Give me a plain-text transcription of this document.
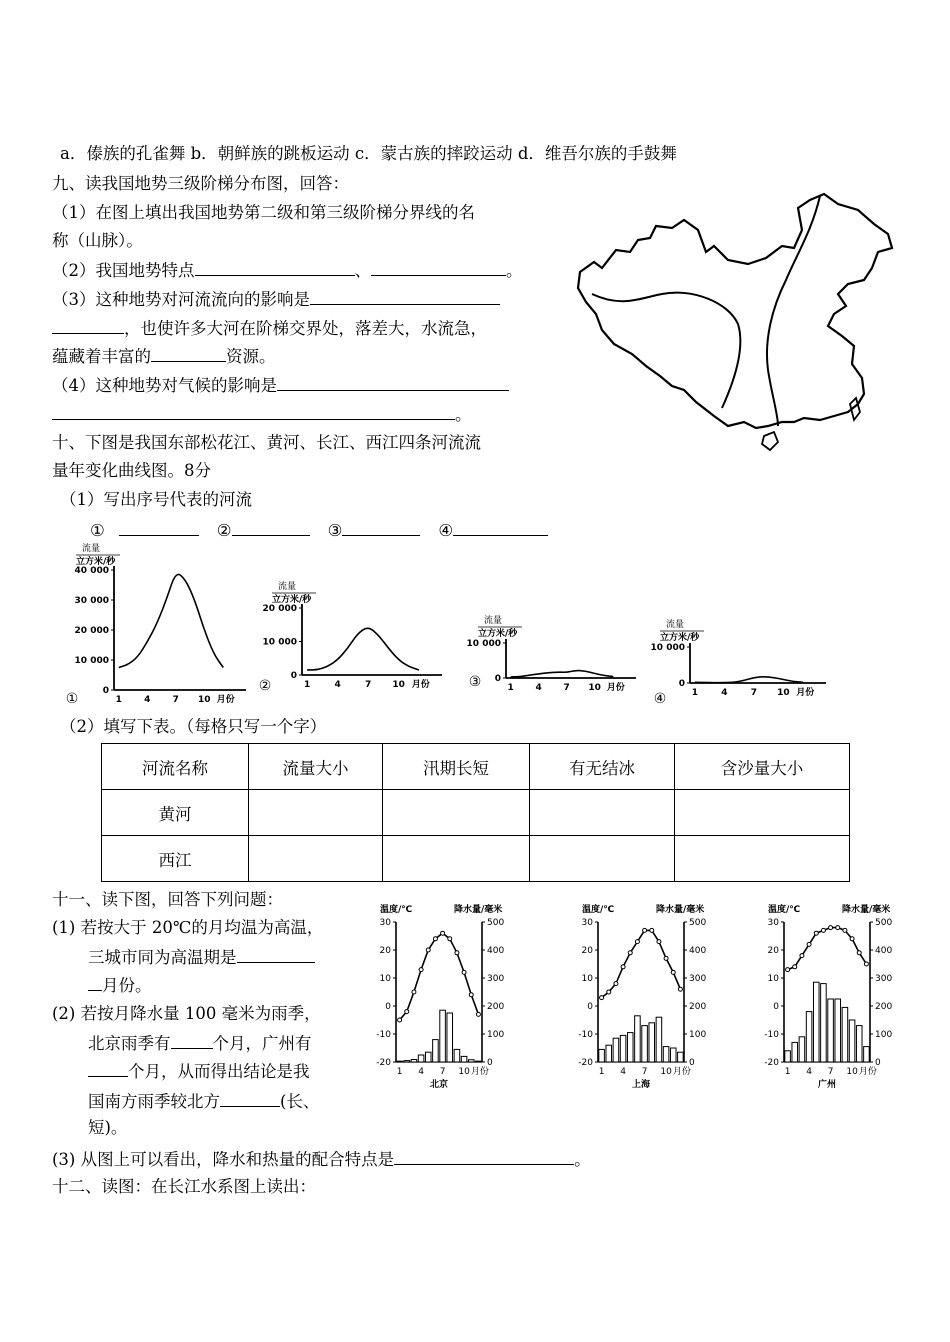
a．傣族的孔雀舞 b．朝鲜族的跳板运动 c．蒙古族的摔跤运动 d．维吾尔族的手鼓舞
九、读我国地势三级阶梯分布图，回答：
（1）在图上填出我国地势第二级和第三级阶梯分界线的名
称（山脉）。
（2）我国地势特点	、	。
（3）这种地势对河流流向的影响是
，也使许多大河在阶梯交界处，落差大，水流急，
蕴藏着丰富的	资源。
（4）这种地势对气候的影响是
。
十、下图是我国东部松花江、黄河、长江、西江四条河流流
量年变化曲线图。8分
（1）写出序号代表的河流
①	②	③	④
流量
立方米/秒
40 000
30 000
20 000
10 000
0
1 4 7 10 月份
①
流量
立方米/秒
20 000
10 000
0
1	4	7 10 月份
②
流量
立方米/秒
10 000
0
1 4 7 10 月份
③
流量
立方米/秒
10 000
0
1	4	7 10 月份
④
（2）填写下表。（每格只写一个字）
河流名称	流量大小	汛期长短	有无结冰	含沙量大小
黄河				
西江				
十一、读下图，回答下列问题：
(1) 若按大于 20℃的月均温为高温，
三城市同为高温期是
月份。
(2) 若按月降水量 100 毫米为雨季，
北京雨季有	个月，广州有
个月，从而得出结论是我
国南方雨季较北方	(长、
短)。
(3) 从图上可以看出，降水和热量的配合特点是	。
温度/℃	降水量/毫米
30
20
10
0
-10
-20
500
400
300
200
100
0
1 4 7 10 月份
北京
温度/℃	降水量/毫米
30
20
10
0
-10
-20
500
400
300
200
100
0
1 4 7 10 月份
上海
温度/℃	降水量/毫米
30
20
10
0
-10
-20
500
400
300
200
100
0
1 4 7 10 月份
广州
十二、读图：在长江水系图上读出：
